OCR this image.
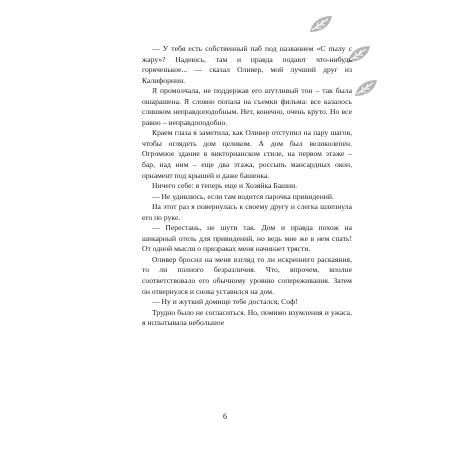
— У тебя есть собственный паб под названием «С пылу с жару»? Надеюсь, там и правда подают что-нибудь горяченькое... — сказал Оливер, мой лучший друг из Калифорнии.

Я промолчала, не поддержав его шутливый тон – так была ошарашена. Я словно попала на съемки фильма: все казалось слишком неправдоподобным. Нет, конечно, очень круто. Но все равно – неправдоподобно.

Краем глаза я заметила, как Оливер отступил на пару шагов, чтобы оглядеть дом целиком. А дом был великолепен. Огромное здание в викторианском стиле, на первом этаже – бар, над ним – еще два этажа, россыпь мансардных окон, орнамент под крышей и даже башенка.

Ничего себе: я теперь еще и Хозяйка Башни.

— Не удивлюсь, если там водится парочка привидений.

На этот раз я повернулась к своему другу и слегка шлепнула его по руке.

— Перестань, не шути так. Дом и правда похож на шикарный отель для привидений, но ведь мне же в нем спать! От одной мысли о призраках меня начинает трясти.

Оливер бросил на меня взгляд то ли искреннего раскаяния, то ли полного безразличия. Что, впрочем, вполне соответствовало его обычному уровню сопереживания. Затем он отвернулся и снова уставился на дом.

— Ну и жуткий домище тебе достался, Соф!

Трудно было не согласиться. Но, помимо изумления и ужаса, я испытывала небольшое

6
